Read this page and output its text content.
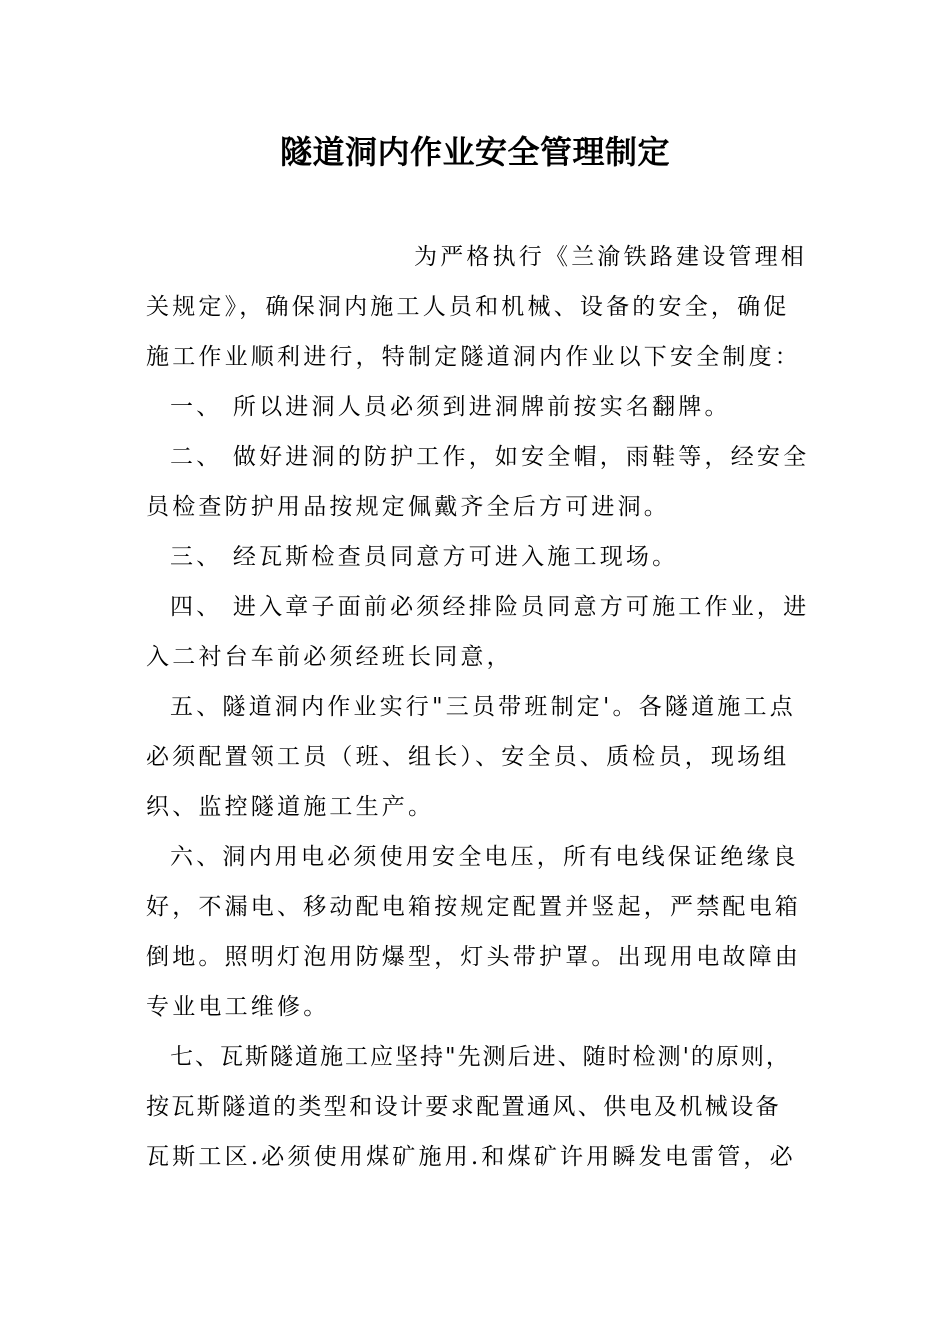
隧道洞内作业安全管理制定
为严格执行《兰渝铁路建设管理相
关规定》，确保洞内施工人员和机械、设备的安全，确促
施工作业顺利进行，特制定隧道洞内作业以下安全制度：
一、 所以进洞人员必须到进洞牌前按实名翻牌。
二、 做好进洞的防护工作，如安全帽，雨鞋等，经安全
员检查防护用品按规定佩戴齐全后方可进洞。
三、 经瓦斯检查员同意方可进入施工现场。
四、 进入章子面前必须经排险员同意方可施工作业，进
入二衬台车前必须经班长同意，
五、隧道洞内作业实行"三员带班制定'。各隧道施工点
必须配置领工员（班、组长）、安全员、质检员，现场组
织、监控隧道施工生产。
六、洞内用电必须使用安全电压，所有电线保证绝缘良
好，不漏电、移动配电箱按规定配置并竖起，严禁配电箱
倒地。照明灯泡用防爆型，灯头带护罩。出现用电故障由
专业电工维修。
七、瓦斯隧道施工应坚持"先测后进、随时检测'的原则，
按瓦斯隧道的类型和设计要求配置通风、供电及机械设备
瓦斯工区.必须使用煤矿施用.和煤矿许用瞬发电雷管，必
